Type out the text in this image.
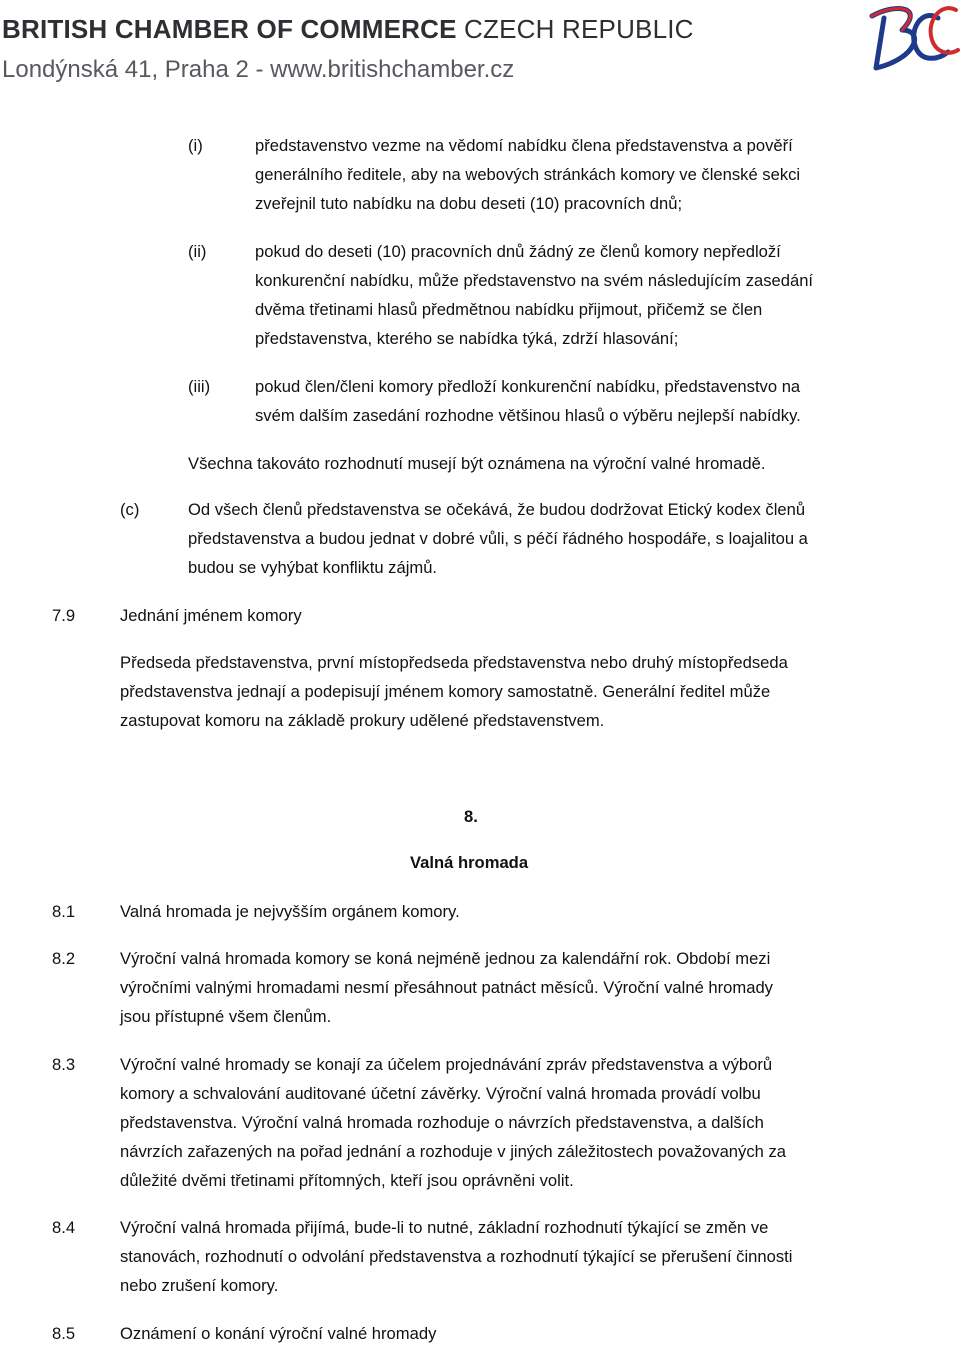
BRITISH CHAMBER OF COMMERCE CZECH REPUBLIC
Londýnská 41, Praha 2 - www.britishchamber.cz
(i)	představenstvo vezme na vědomí nabídku člena představenstva a pověří
generálního ředitele, aby na webových stránkách komory ve členské sekci
zveřejnil tuto nabídku na dobu deseti (10) pracovních dnů;
(ii)	pokud do deseti (10) pracovních dnů žádný ze členů komory nepředloží
konkurenční nabídku, může představenstvo na svém následujícím zasedání
dvěma třetinami hlasů předmětnou nabídku přijmout, přičemž se člen
představenstva, kterého se nabídka týká, zdrží hlasování;
(iii)	pokud člen/členi komory předloží konkurenční nabídku, představenstvo na
svém dalším zasedání rozhodne většinou hlasů o výběru nejlepší nabídky.
Všechna takováto rozhodnutí musejí být oznámena na výroční valné hromadě.
(c)	Od všech členů představenstva se očekává, že budou dodržovat Etický kodex členů
představenstva a budou jednat v dobré vůli, s péčí řádného hospodáře, s loajalitou a
budou se vyhýbat konfliktu zájmů.
7.9	Jednání jménem komory
Předseda představenstva, první místopředseda představenstva nebo druhý místopředseda
představenstva jednají a podepisují jménem komory samostatně. Generální ředitel může
zastupovat komoru na základě prokury udělené představenstvem.
8.
Valná hromada
8.1	Valná hromada je nejvyšším orgánem komory.
8.2	Výroční valná hromada komory se koná nejméně jednou za kalendářní rok. Období mezi
výročními valnými hromadami nesmí přesáhnout patnáct měsíců. Výroční valné hromady
jsou přístupné všem členům.
8.3	Výroční valné hromady se konají za účelem projednávání zpráv představenstva a výborů
komory a schvalování auditované účetní závěrky. Výroční valná hromada provádí volbu
představenstva. Výroční valná hromada rozhoduje o návrzích představenstva, a dalších
návrzích zařazených na pořad jednání a rozhoduje v jiných záležitostech považovaných za
důležité dvěmi třetinami přítomných, kteří jsou oprávněni volit.
8.4	Výroční valná hromada přijímá, bude-li to nutné, základní rozhodnutí týkající se změn ve
stanovách, rozhodnutí o odvolání představenstva a rozhodnutí týkající se přerušení činnosti
nebo zrušení komory.
8.5	Oznámení o konání výroční valné hromady
